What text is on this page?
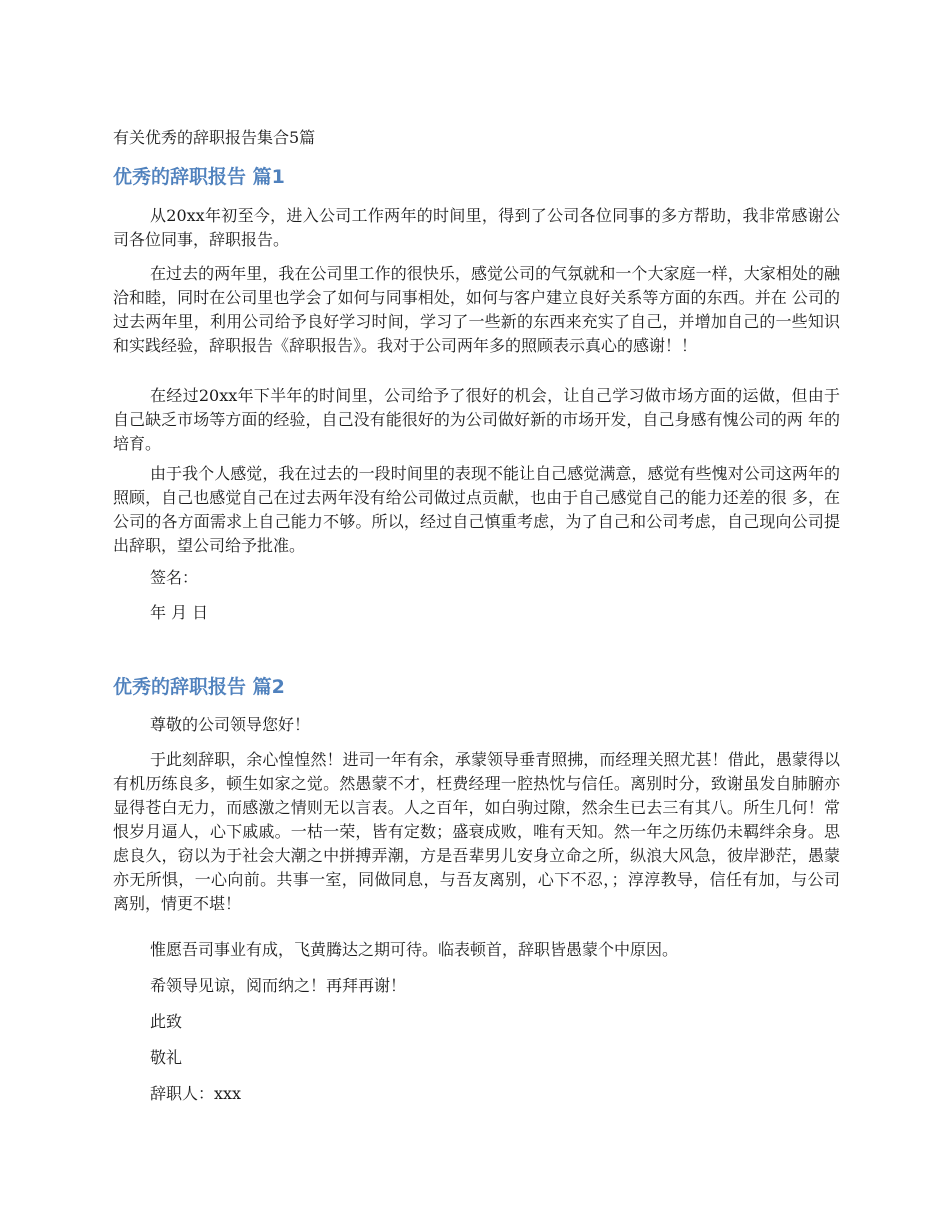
有关优秀的辞职报告集合5篇
优秀的辞职报告 篇1

从20xx年初至今，进入公司工作两年的时间里，得到了公司各位同事的多方帮助，我非常感谢公司各位同事，辞职报告。

在过去的两年里，我在公司里工作的很快乐，感觉公司的气氛就和一个大家庭一样，大家相处的融洽和睦，同时在公司里也学会了如何与同事相处，如何与客户建立良好关系等方面的东西。并在 公司的过去两年里，利用公司给予良好学习时间，学习了一些新的东西来充实了自己，并增加自己的一些知识和实践经验，辞职报告《辞职报告》。我对于公司两年多的照顾表示真心的感谢！！

在经过20xx年下半年的时间里，公司给予了很好的机会，让自己学习做市场方面的运做，但由于自己缺乏市场等方面的经验，自己没有能很好的为公司做好新的市场开发，自己身感有愧公司的两 年的培育。

由于我个人感觉，我在过去的一段时间里的表现不能让自己感觉满意，感觉有些愧对公司这两年的照顾，自己也感觉自己在过去两年没有给公司做过点贡献，也由于自己感觉自己的能力还差的很 多，在公司的各方面需求上自己能力不够。所以，经过自己慎重考虑，为了自己和公司考虑，自己现向公司提出辞职，望公司给予批准。

签名：

年 月 日

优秀的辞职报告 篇2

尊敬的公司领导您好！

于此刻辞职，余心惶惶然！进司一年有余，承蒙领导垂青照拂，而经理关照尤甚！借此，愚蒙得以有机历练良多，顿生如家之觉。然愚蒙不才，枉费经理一腔热忱与信任。离别时分，致谢虽发自肺腑亦显得苍白无力，而感激之情则无以言表。人之百年，如白驹过隙，然余生已去三有其八。所生几何！常恨岁月逼人，心下戚戚。一枯一荣，皆有定数；盛衰成败，唯有天知。然一年之历练仍未羁绊余身。思虑良久，窃以为于社会大潮之中拼搏弄潮，方是吾辈男儿安身立命之所，纵浪大风急，彼岸渺茫，愚蒙亦无所惧，一心向前。共事一室，同做同息，与吾友离别，心下不忍，；淳淳教导，信任有加，与公司离别，情更不堪！

惟愿吾司事业有成，飞黄腾达之期可待。临表顿首，辞职皆愚蒙个中原因。

希领导见谅，阅而纳之！再拜再谢！

此致

敬礼

辞职人：xxx
